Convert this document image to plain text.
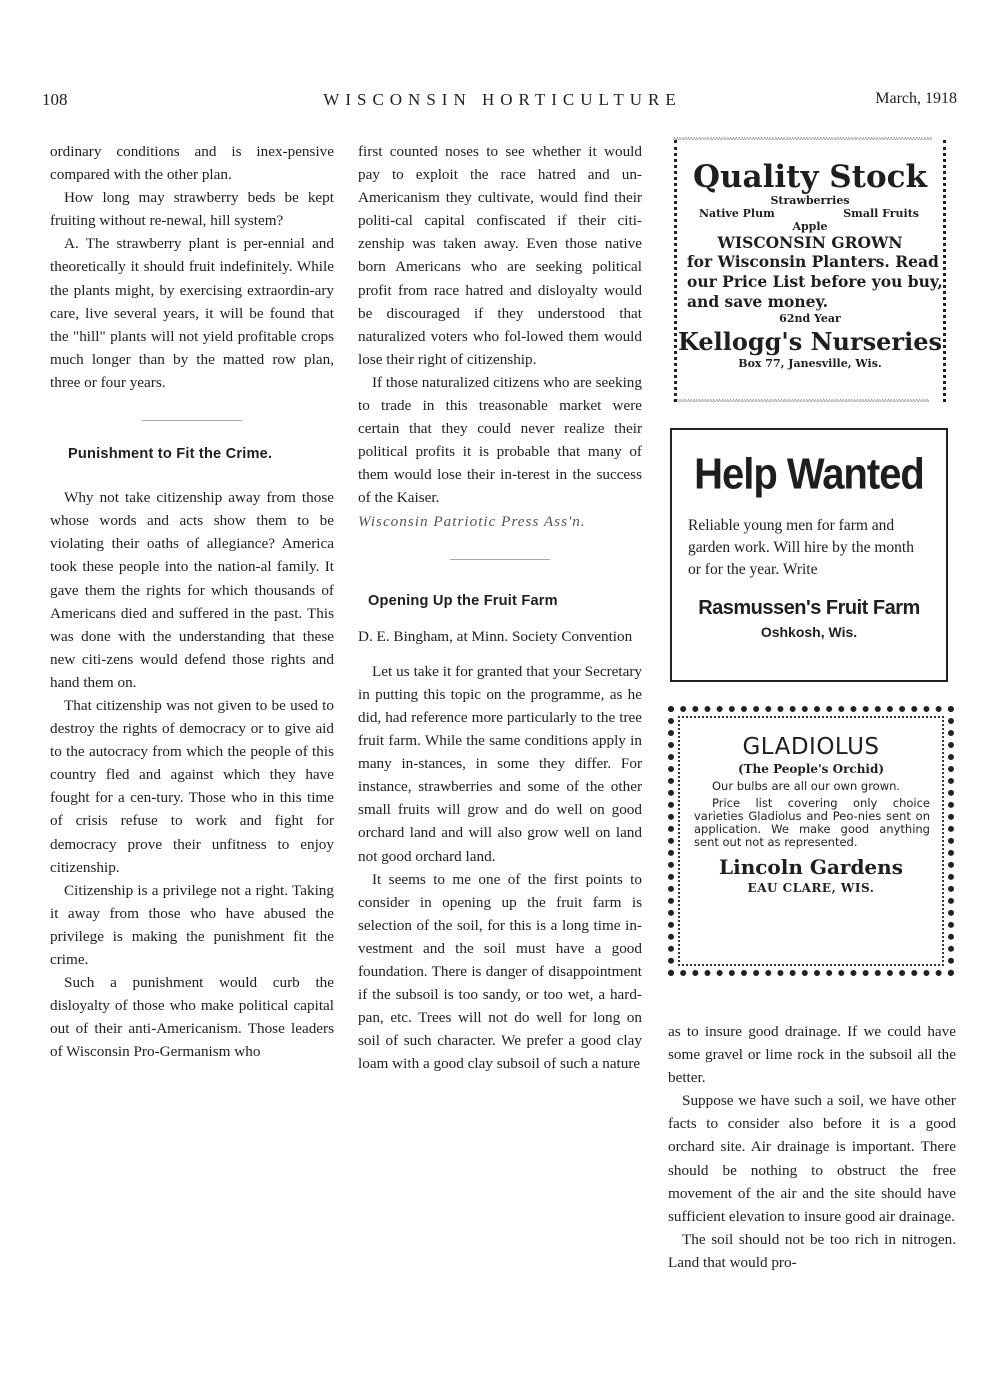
108	WISCONSIN HORTICULTURE	March, 1918

ordinary conditions and is inex-pensive compared with the other plan.

How long may strawberry beds be kept fruiting without re-newal, hill system?

A. The strawberry plant is per-ennial and theoretically it should fruit indefinitely. While the plants might, by exercising extraordin-ary care, live several years, it will be found that the "hill" plants will not yield profitable crops much longer than by the matted row plan, three or four years.

Punishment to Fit the Crime.

Why not take citizenship away from those whose words and acts show them to be violating their oaths of allegiance? America took these people into the nation-al family. It gave them the rights for which thousands of Americans died and suffered in the past. This was done with the understanding that these new citi-zens would defend those rights and hand them on.

That citizenship was not given to be used to destroy the rights of democracy or to give aid to the autocracy from which the people of this country fled and against which they have fought for a cen-tury. Those who in this time of crisis refuse to work and fight for democracy prove their unfitness to enjoy citizenship.

Citizenship is a privilege not a right. Taking it away from those who have abused the privilege is making the punishment fit the crime.

Such a punishment would curb the disloyalty of those who make political capital out of their anti-Americanism. Those leaders of Wisconsin Pro-Germanism who

first counted noses to see whether it would pay to exploit the race hatred and un-Americanism they cultivate, would find their politi-cal capital confiscated if their citi-zenship was taken away. Even those native born Americans who are seeking political profit from race hatred and disloyalty would be discouraged if they understood that naturalized voters who fol-lowed them would lose their right of citizenship.

If those naturalized citizens who are seeking to trade in this treasonable market were certain that they could never realize their political profits it is probable that many of them would lose their in-terest in the success of the Kaiser.

Wisconsin Patriotic Press Ass'n.

Opening Up the Fruit Farm

D. E. Bingham, at Minn. Society Convention

Let us take it for granted that your Secretary in putting this topic on the programme, as he did, had reference more particularly to the tree fruit farm. While the same conditions apply in many in-stances, in some they differ. For instance, strawberries and some of the other small fruits will grow and do well on good orchard land and will also grow well on land not good orchard land.

It seems to me one of the first points to consider in opening up the fruit farm is selection of the soil, for this is a long time in-vestment and the soil must have a good foundation. There is danger of disappointment if the subsoil is too sandy, or too wet, a hard-pan, etc. Trees will not do well for long on soil of such character. We prefer a good clay loam with a good clay subsoil of such a nature

^^^^^^^^^^^^^^^^^^^^^^^^^^^^^^^^^^^^^^^^^^^^^^^^^^^^^^^^^^^^^^^^^^^^^^^^^^^^^^^^^^^^^^^^^^^^
Quality Stock
Strawberries
Native Plum	Small Fruits
Apple
WISCONSIN GROWN
for Wisconsin Planters. Read our Price List before you buy, and save money.
62nd Year
Kellogg's Nurseries
Box 77, Janesville, Wis.
^^^^^^^^^^^^^^^^^^^^^^^^^^^^^^^^^^^^^^^^^^^^^^^^^^^^^^^^^^^^^^^^^^^^^^^^^^^^^^^^^^^^^^^^^^^
Help Wanted
Reliable young men for farm and garden work. Will hire by the month or for the year. Write
Rasmussen's Fruit Farm
Oshkosh, Wis.
GLADIOLUS
(The People's Orchid)
Our bulbs are all our own grown.
Price list covering only choice varieties Gladiolus and Peo-nies sent on application. We make good anything sent out not as represented.
Lincoln Gardens
EAU CLARE, WIS.

as to insure good drainage. If we could have some gravel or lime rock in the subsoil all the better.

Suppose we have such a soil, we have other facts to consider also before it is a good orchard site. Air drainage is important. There should be nothing to obstruct the free movement of the air and the site should have sufficient elevation to insure good air drainage.

The soil should not be too rich in nitrogen. Land that would pro-
